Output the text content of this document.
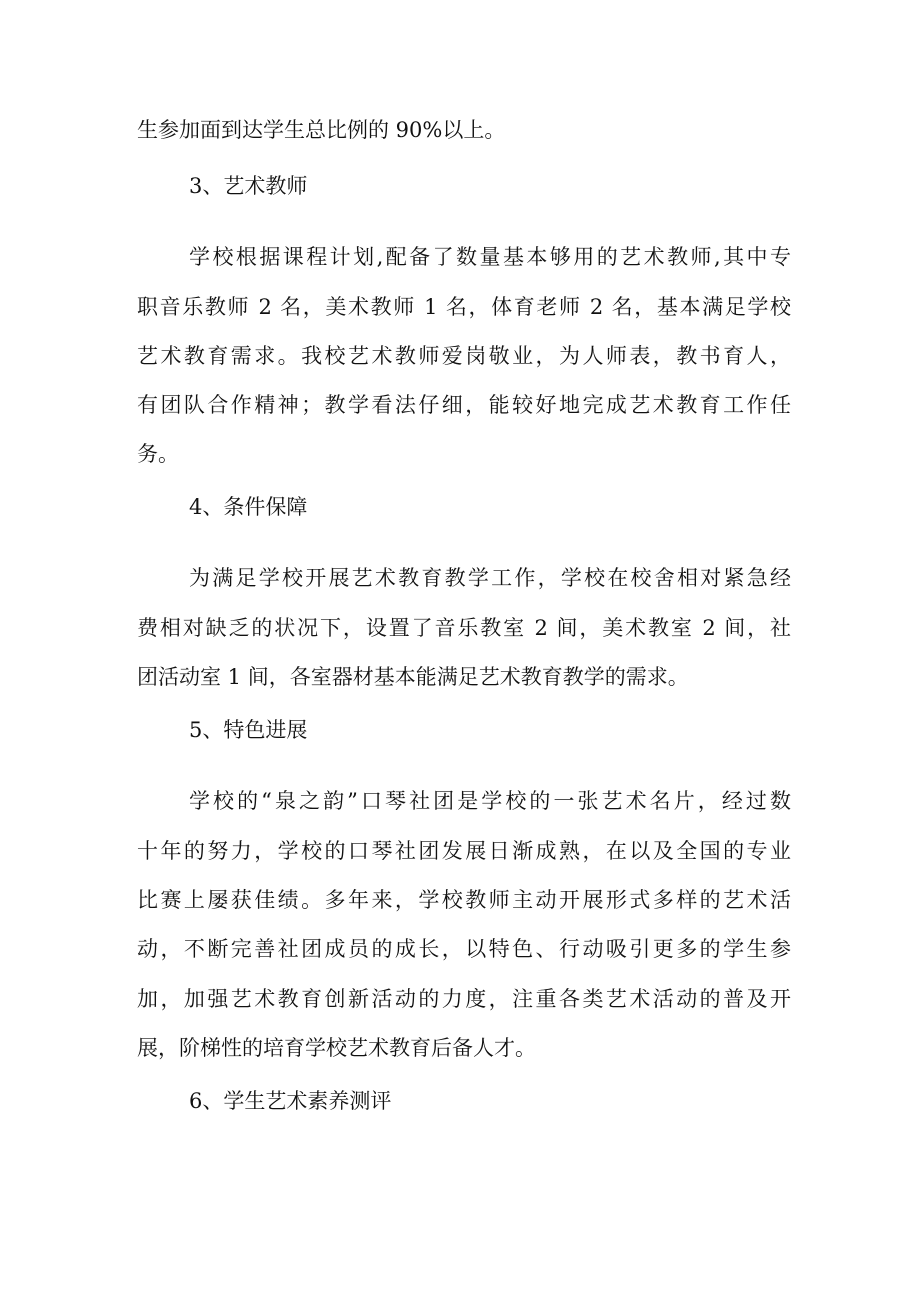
生参加面到达学生总比例的 90%以上。
3、艺术教师
学校根据课程计划,配备了数量基本够用的艺术教师,其中专
职音乐教师 2 名，美术教师 1 名，体育老师 2 名，基本满足学校
艺术教育需求。我校艺术教师爱岗敬业，为人师表，教书育人，
有团队合作精神；教学看法仔细，能较好地完成艺术教育工作任
务。
4、条件保障
为满足学校开展艺术教育教学工作，学校在校舍相对紧急经
费相对缺乏的状况下，设置了音乐教室 2 间，美术教室 2 间，社
团活动室 1 间，各室器材基本能满足艺术教育教学的需求。
5、特色进展
学校的“泉之韵”口琴社团是学校的一张艺术名片，经过数
十年的努力，学校的口琴社团发展日渐成熟，在以及全国的专业
比赛上屡获佳绩。多年来，学校教师主动开展形式多样的艺术活
动，不断完善社团成员的成长，以特色、行动吸引更多的学生参
加，加强艺术教育创新活动的力度，注重各类艺术活动的普及开
展，阶梯性的培育学校艺术教育后备人才。
6、学生艺术素养测评
